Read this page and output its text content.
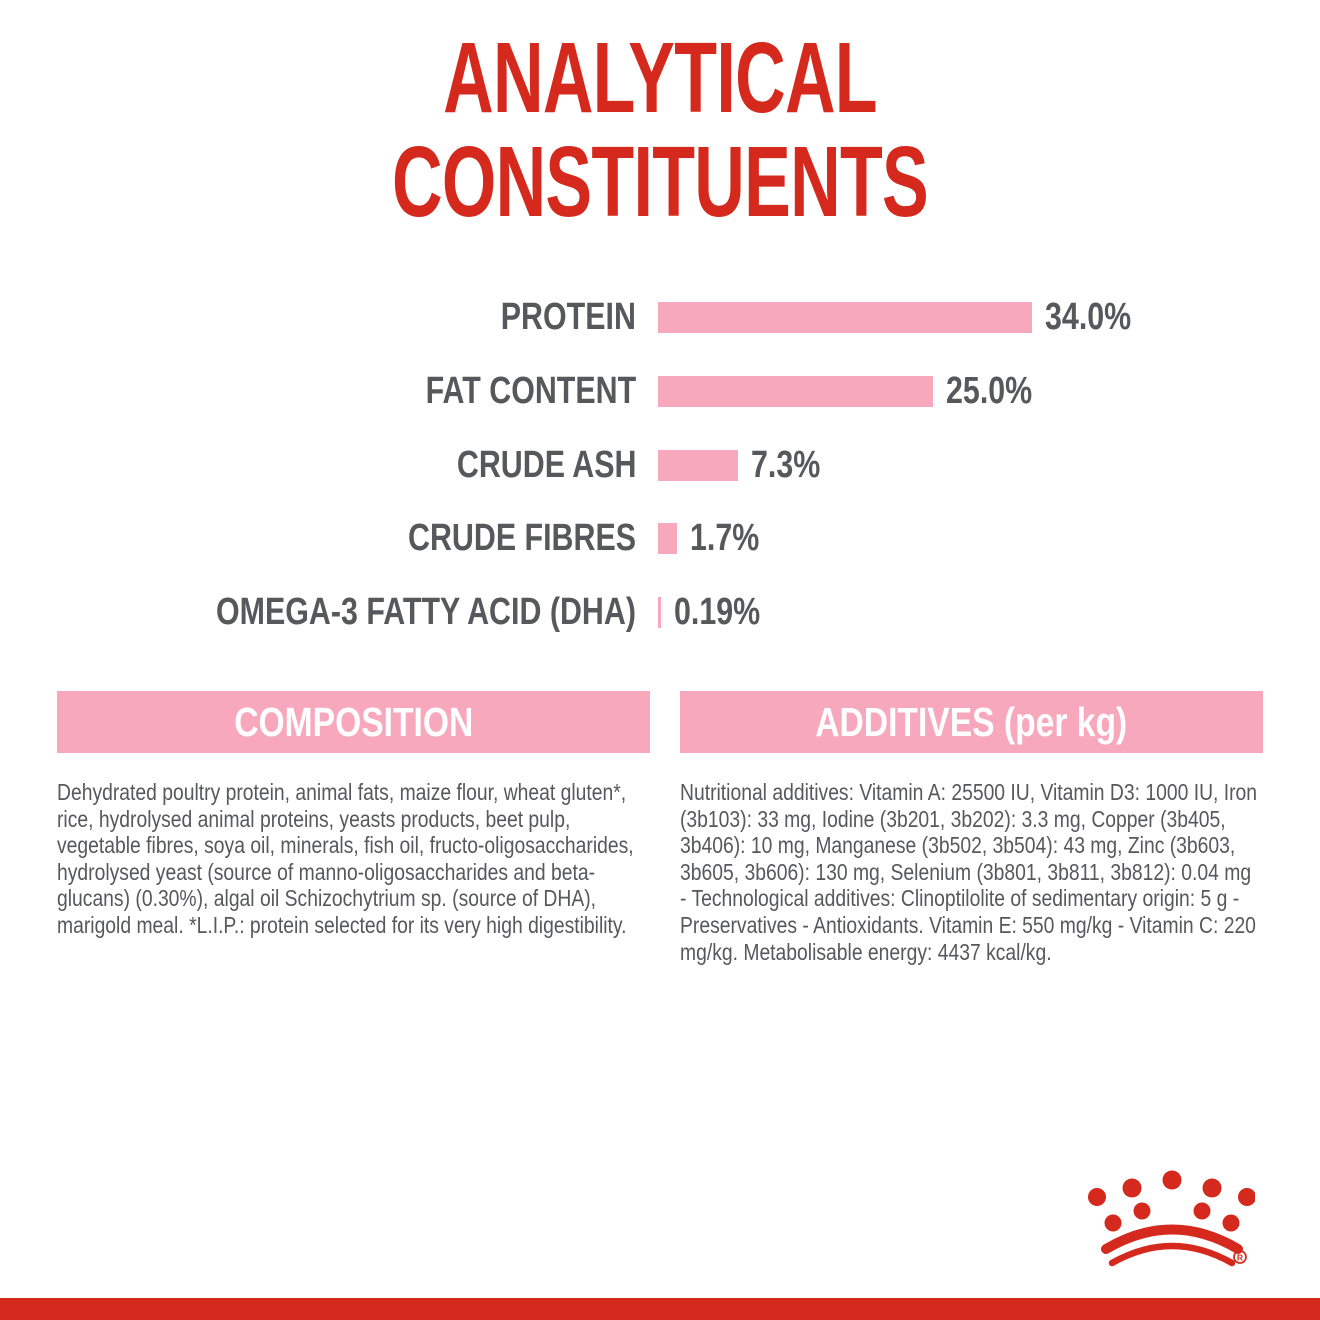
ANALYTICAL
CONSTITUENTS
PROTEIN	34.0%
FAT CONTENT	25.0%
CRUDE ASH	7.3%
CRUDE FIBRES 1.7%
OMEGA-3 FATTY ACID (DHA) 0.19%
COMPOSITION

Dehydrated poultry protein, animal fats, maize flour, wheat gluten*, rice, hydrolysed animal proteins, yeasts products, beet pulp, vegetable fibres, soya oil, minerals, fish oil, fructo-oligosaccharides, hydrolysed yeast (source of manno-oligosaccharides and beta-glucans) (0.30%), algal oil Schizochytrium sp. (source of DHA), marigold meal. *L.I.P.: protein selected for its very high digestibility.

ADDITIVES (per kg)

Nutritional additives: Vitamin A: 25500 IU, Vitamin D3: 1000 IU, Iron (3b103): 33 mg, Iodine (3b201, 3b202): 3.3 mg, Copper (3b405, 3b406): 10 mg, Manganese (3b502, 3b504): 43 mg, Zinc (3b603, 3b605, 3b606): 130 mg, Selenium (3b801, 3b811, 3b812): 0.04 mg - Technological additives: Clinoptilolite of sedimentary origin: 5 g - Preservatives - Antioxidants. Vitamin E: 550 mg/kg - Vitamin C: 220 mg/kg. Metabolisable energy: 4437 kcal/kg.

R
